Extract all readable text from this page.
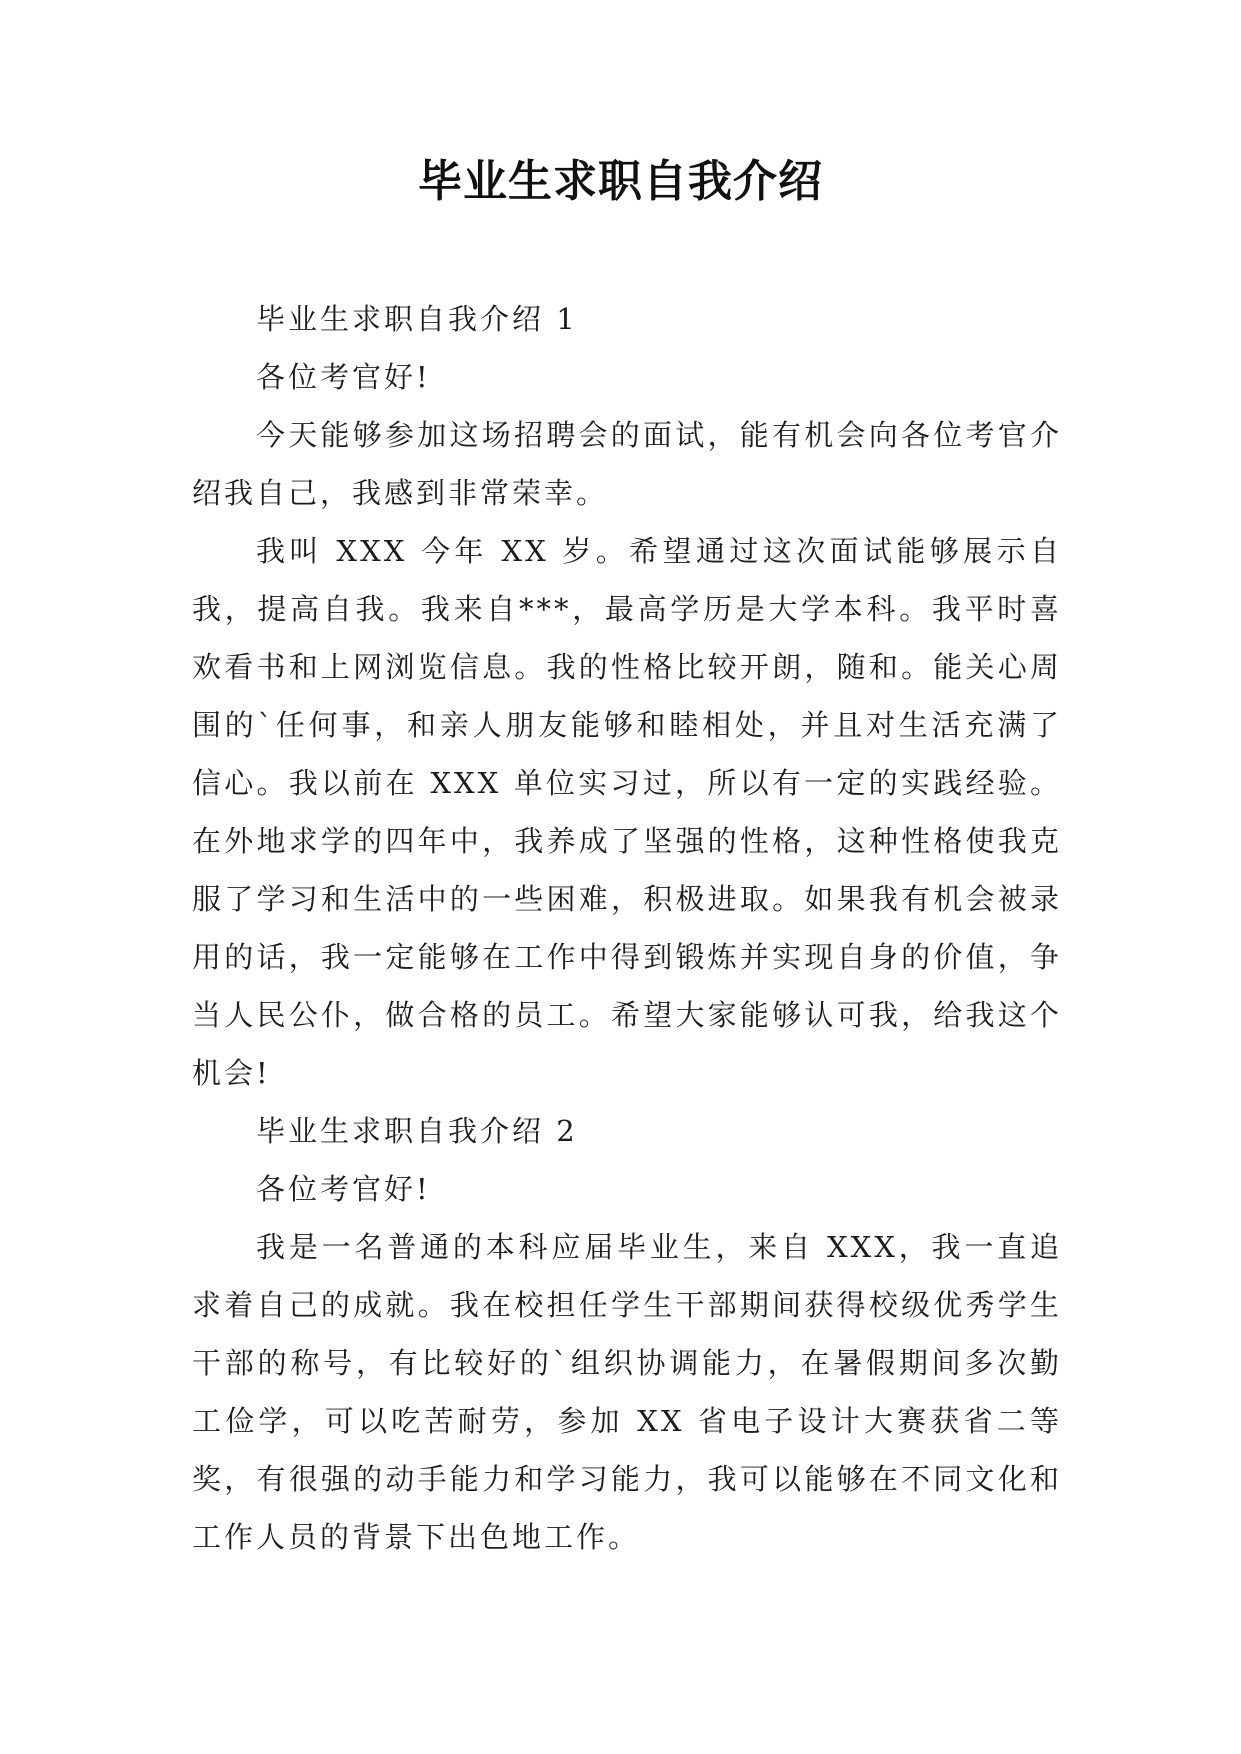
毕业生求职自我介绍

毕业生求职自我介绍 1

各位考官好!

今天能够参加这场招聘会的面试，能有机会向各位考官介绍我自己，我感到非常荣幸。

我叫 XXX 今年 XX 岁。希望通过这次面试能够展示自我，提高自我。我来自***，最高学历是大学本科。我平时喜欢看书和上网浏览信息。我的性格比较开朗，随和。能关心周围的`任何事，和亲人朋友能够和睦相处，并且对生活充满了信心。我以前在 XXX 单位实习过，所以有一定的实践经验。在外地求学的四年中，我养成了坚强的性格，这种性格使我克服了学习和生活中的一些困难，积极进取。如果我有机会被录用的话，我一定能够在工作中得到锻炼并实现自身的价值，争当人民公仆，做合格的员工。希望大家能够认可我，给我这个机会!

毕业生求职自我介绍 2

各位考官好!

我是一名普通的本科应届毕业生，来自 XXX，我一直追求着自己的成就。我在校担任学生干部期间获得校级优秀学生干部的称号，有比较好的`组织协调能力，在暑假期间多次勤工俭学，可以吃苦耐劳，参加 XX 省电子设计大赛获省二等奖，有很强的动手能力和学习能力，我可以能够在不同文化和工作人员的背景下出色地工作。
